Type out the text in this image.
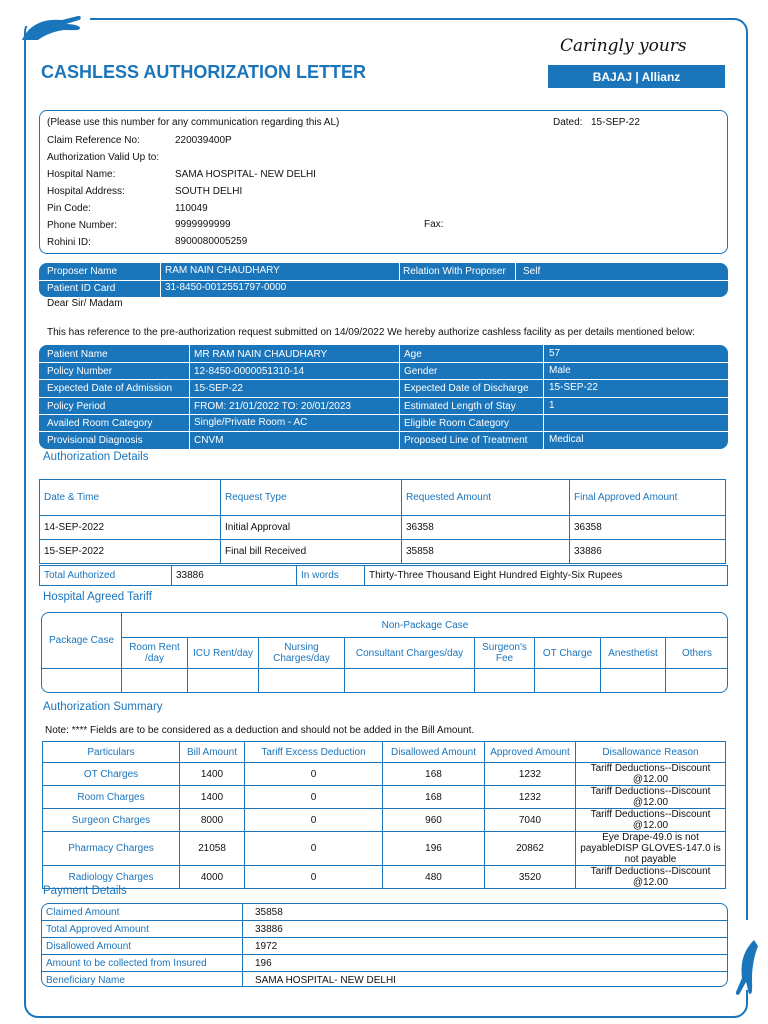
CASHLESS AUTHORIZATION LETTER
Caringly yours
BAJAJ | Allianz
(Please use this number for any communication regarding this AL)	Dated: 15-SEP-22
Claim Reference No:	220039400P
Authorization Valid Up to:
Hospital Name:	SAMA HOSPITAL- NEW DELHI
Hospital Address:	SOUTH DELHI
Pin Code:	110049
Phone Number:	9999999999	Fax:
Rohini ID:	8900080005259
Proposer Name	RAM NAIN CHAUDHARY	Relation With Proposer Self
Patient ID Card	31-8450-0012551797-0000
Dear Sir/ Madam
This has reference to the pre-authorization request submitted on 14/09/2022 We hereby authorize cashless facility as per details mentioned below:
Patient Name	MR RAM NAIN CHAUDHARY	Age	57
Policy Number	12-8450-0000051310-14	Gender	Male
Expected Date of Admission 15-SEP-22	Expected Date of Discharge 15-SEP-22
Policy Period	FROM: 21/01/2022 TO: 20/01/2023	Estimated Length of Stay	1
Availed Room Category	Single/Private Room - AC	Eligible Room Category
Provisional Diagnosis	CNVM	Proposed Line of Treatment Medical
Authorization Details
Date & Time	Request Type	Requested Amount	Final Approved Amount
14-SEP-2022	Initial Approval	36358	36358
15-SEP-2022	Final bill Received	35858	33886
Total Authorized	33886	In words	Thirty-Three Thousand Eight Hundred Eighty-Six Rupees
Hospital Agreed Tariff
Package Case	Non-Package Case							
	Room Rent /day	ICU Rent/day	Nursing Charges/day	Consultant Charges/day	Surgeon's Fee	OT Charge	Anesthetist	Others

Authorization Summary
Note: **** Fields are to be considered as a deduction and should not be added in the Bill Amount.
Particulars	Bill Amount	Tariff Excess Deduction	Disallowed Amount	Approved Amount	Disallowance Reason
OT Charges	1400	0	168	1232	Tariff Deductions--Discount @12.00
Room Charges	1400	0	168	1232	Tariff Deductions--Discount @12.00
Surgeon Charges	8000	0	960	7040	Tariff Deductions--Discount @12.00
Pharmacy Charges	21058	0	196	20862	Eye Drape-49.0 is not payableDISP GLOVES-147.0 is not payable
Radiology Charges	4000	0	480	3520	Tariff Deductions--Discount @12.00
Payment Details
Claimed Amount	35858
Total Approved Amount	33886
Disallowed Amount	1972
Amount to be collected from Insured	196
Beneficiary Name	SAMA HOSPITAL- NEW DELHI
